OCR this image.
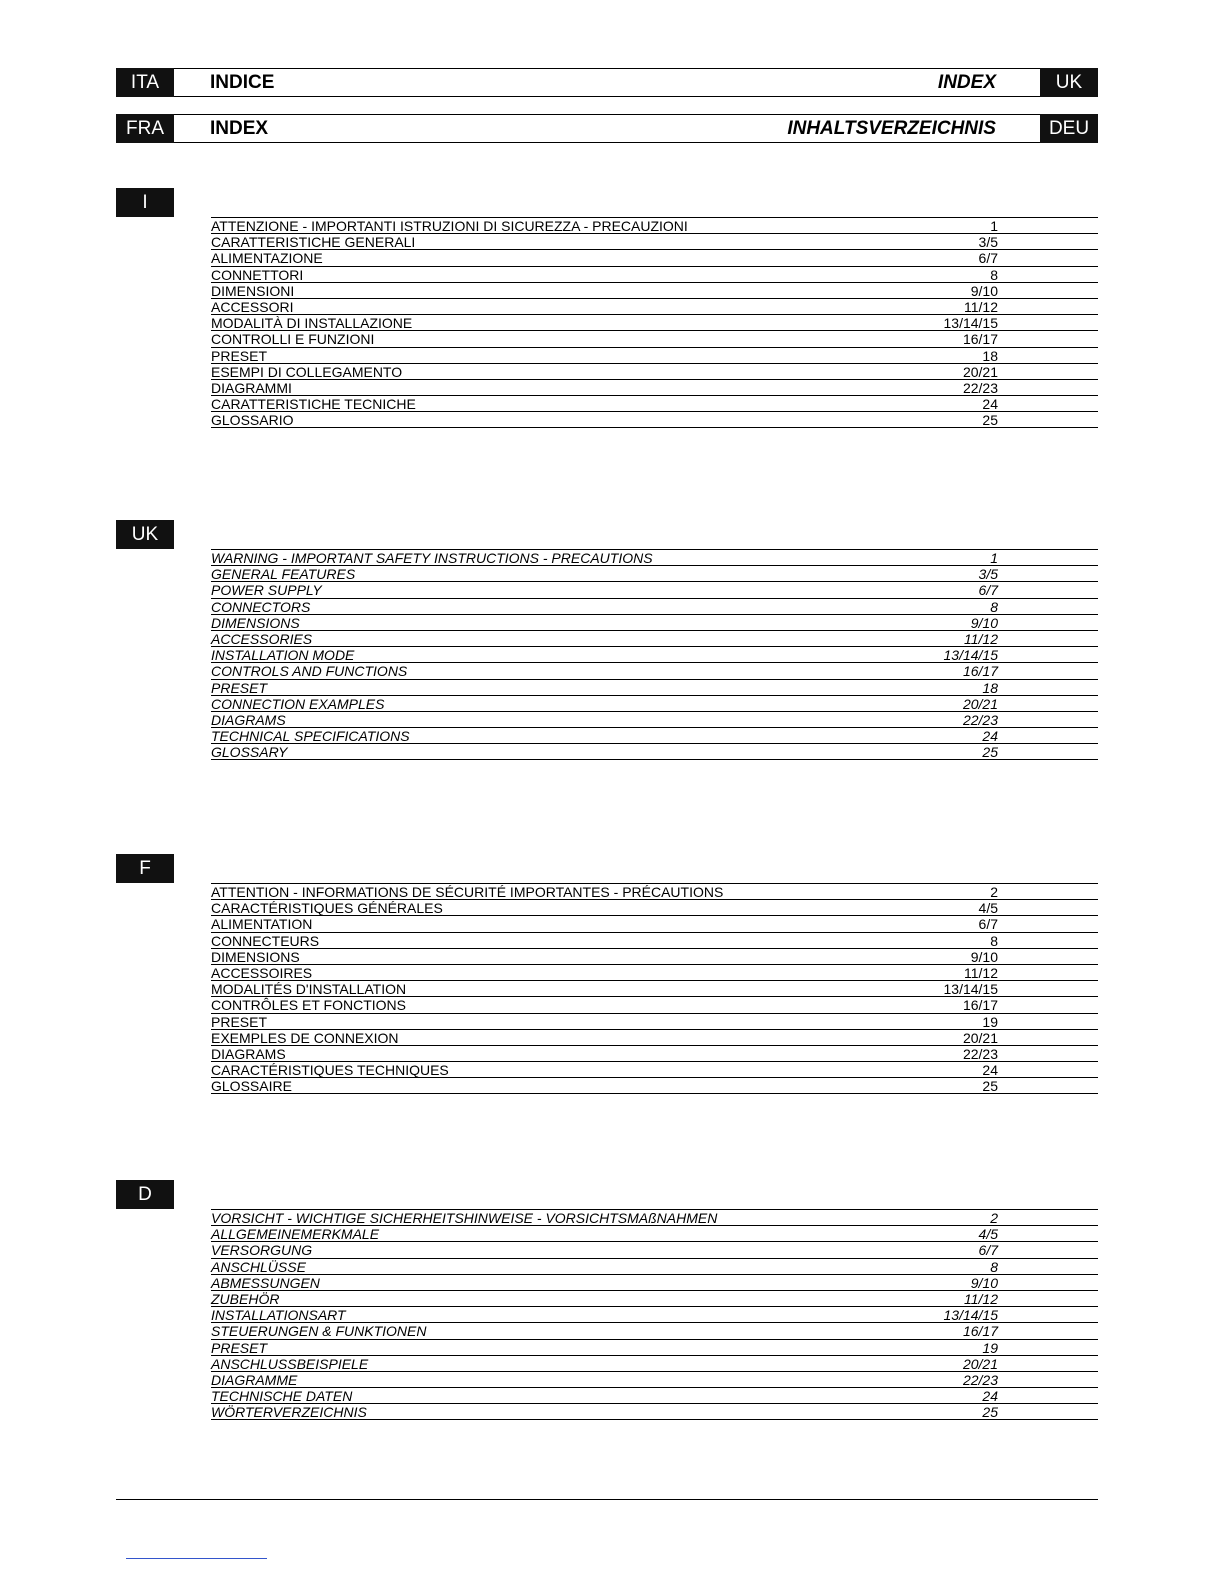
ITA	INDICE	INDEX	UK
FRA	INDEX	INHALTSVERZEICHNIS	DEU
I
ATTENZIONE - IMPORTANTI ISTRUZIONI DI SICUREZZA - PRECAUZIONI	1
CARATTERISTICHE GENERALI	3/5
ALIMENTAZIONE	6/7
CONNETTORI	8
DIMENSIONI	9/10
ACCESSORI	11/12
MODALITÀ DI INSTALLAZIONE	13/14/15
CONTROLLI E FUNZIONI	16/17
PRESET	18
ESEMPI DI COLLEGAMENTO	20/21
DIAGRAMMI	22/23
CARATTERISTICHE TECNICHE	24
GLOSSARIO	25
UK
WARNING - IMPORTANT SAFETY INSTRUCTIONS - PRECAUTIONS	1
GENERAL FEATURES	3/5
POWER SUPPLY	6/7
CONNECTORS	8
DIMENSIONS	9/10
ACCESSORIES	11/12
INSTALLATION MODE	13/14/15
CONTROLS AND FUNCTIONS	16/17
PRESET	18
CONNECTION EXAMPLES	20/21
DIAGRAMS	22/23
TECHNICAL SPECIFICATIONS	24
GLOSSARY	25
F
ATTENTION - INFORMATIONS DE SÉCURITÉ IMPORTANTES - PRÉCAUTIONS	2
CARACTÉRISTIQUES GÉNÉRALES	4/5
ALIMENTATION	6/7
CONNECTEURS	8
DIMENSIONS	9/10
ACCESSOIRES	11/12
MODALITÉS D'INSTALLATION	13/14/15
CONTRÔLES ET FONCTIONS	16/17
PRESET	19
EXEMPLES DE CONNEXION	20/21
DIAGRAMS	22/23
CARACTÉRISTIQUES TECHNIQUES	24
GLOSSAIRE	25
D
VORSICHT - WICHTIGE SICHERHEITSHINWEISE - VORSICHTSMAßNAHMEN	2
ALLGEMEINEMERKMALE	4/5
VERSORGUNG	6/7
ANSCHLÜSSE	8
ABMESSUNGEN	9/10
ZUBEHÖR	11/12
INSTALLATIONSART	13/14/15
STEUERUNGEN & FUNKTIONEN	16/17
PRESET	19
ANSCHLUSSBEISPIELE	20/21
DIAGRAMME	22/23
TECHNISCHE DATEN	24
WÖRTERVERZEICHNIS	25
